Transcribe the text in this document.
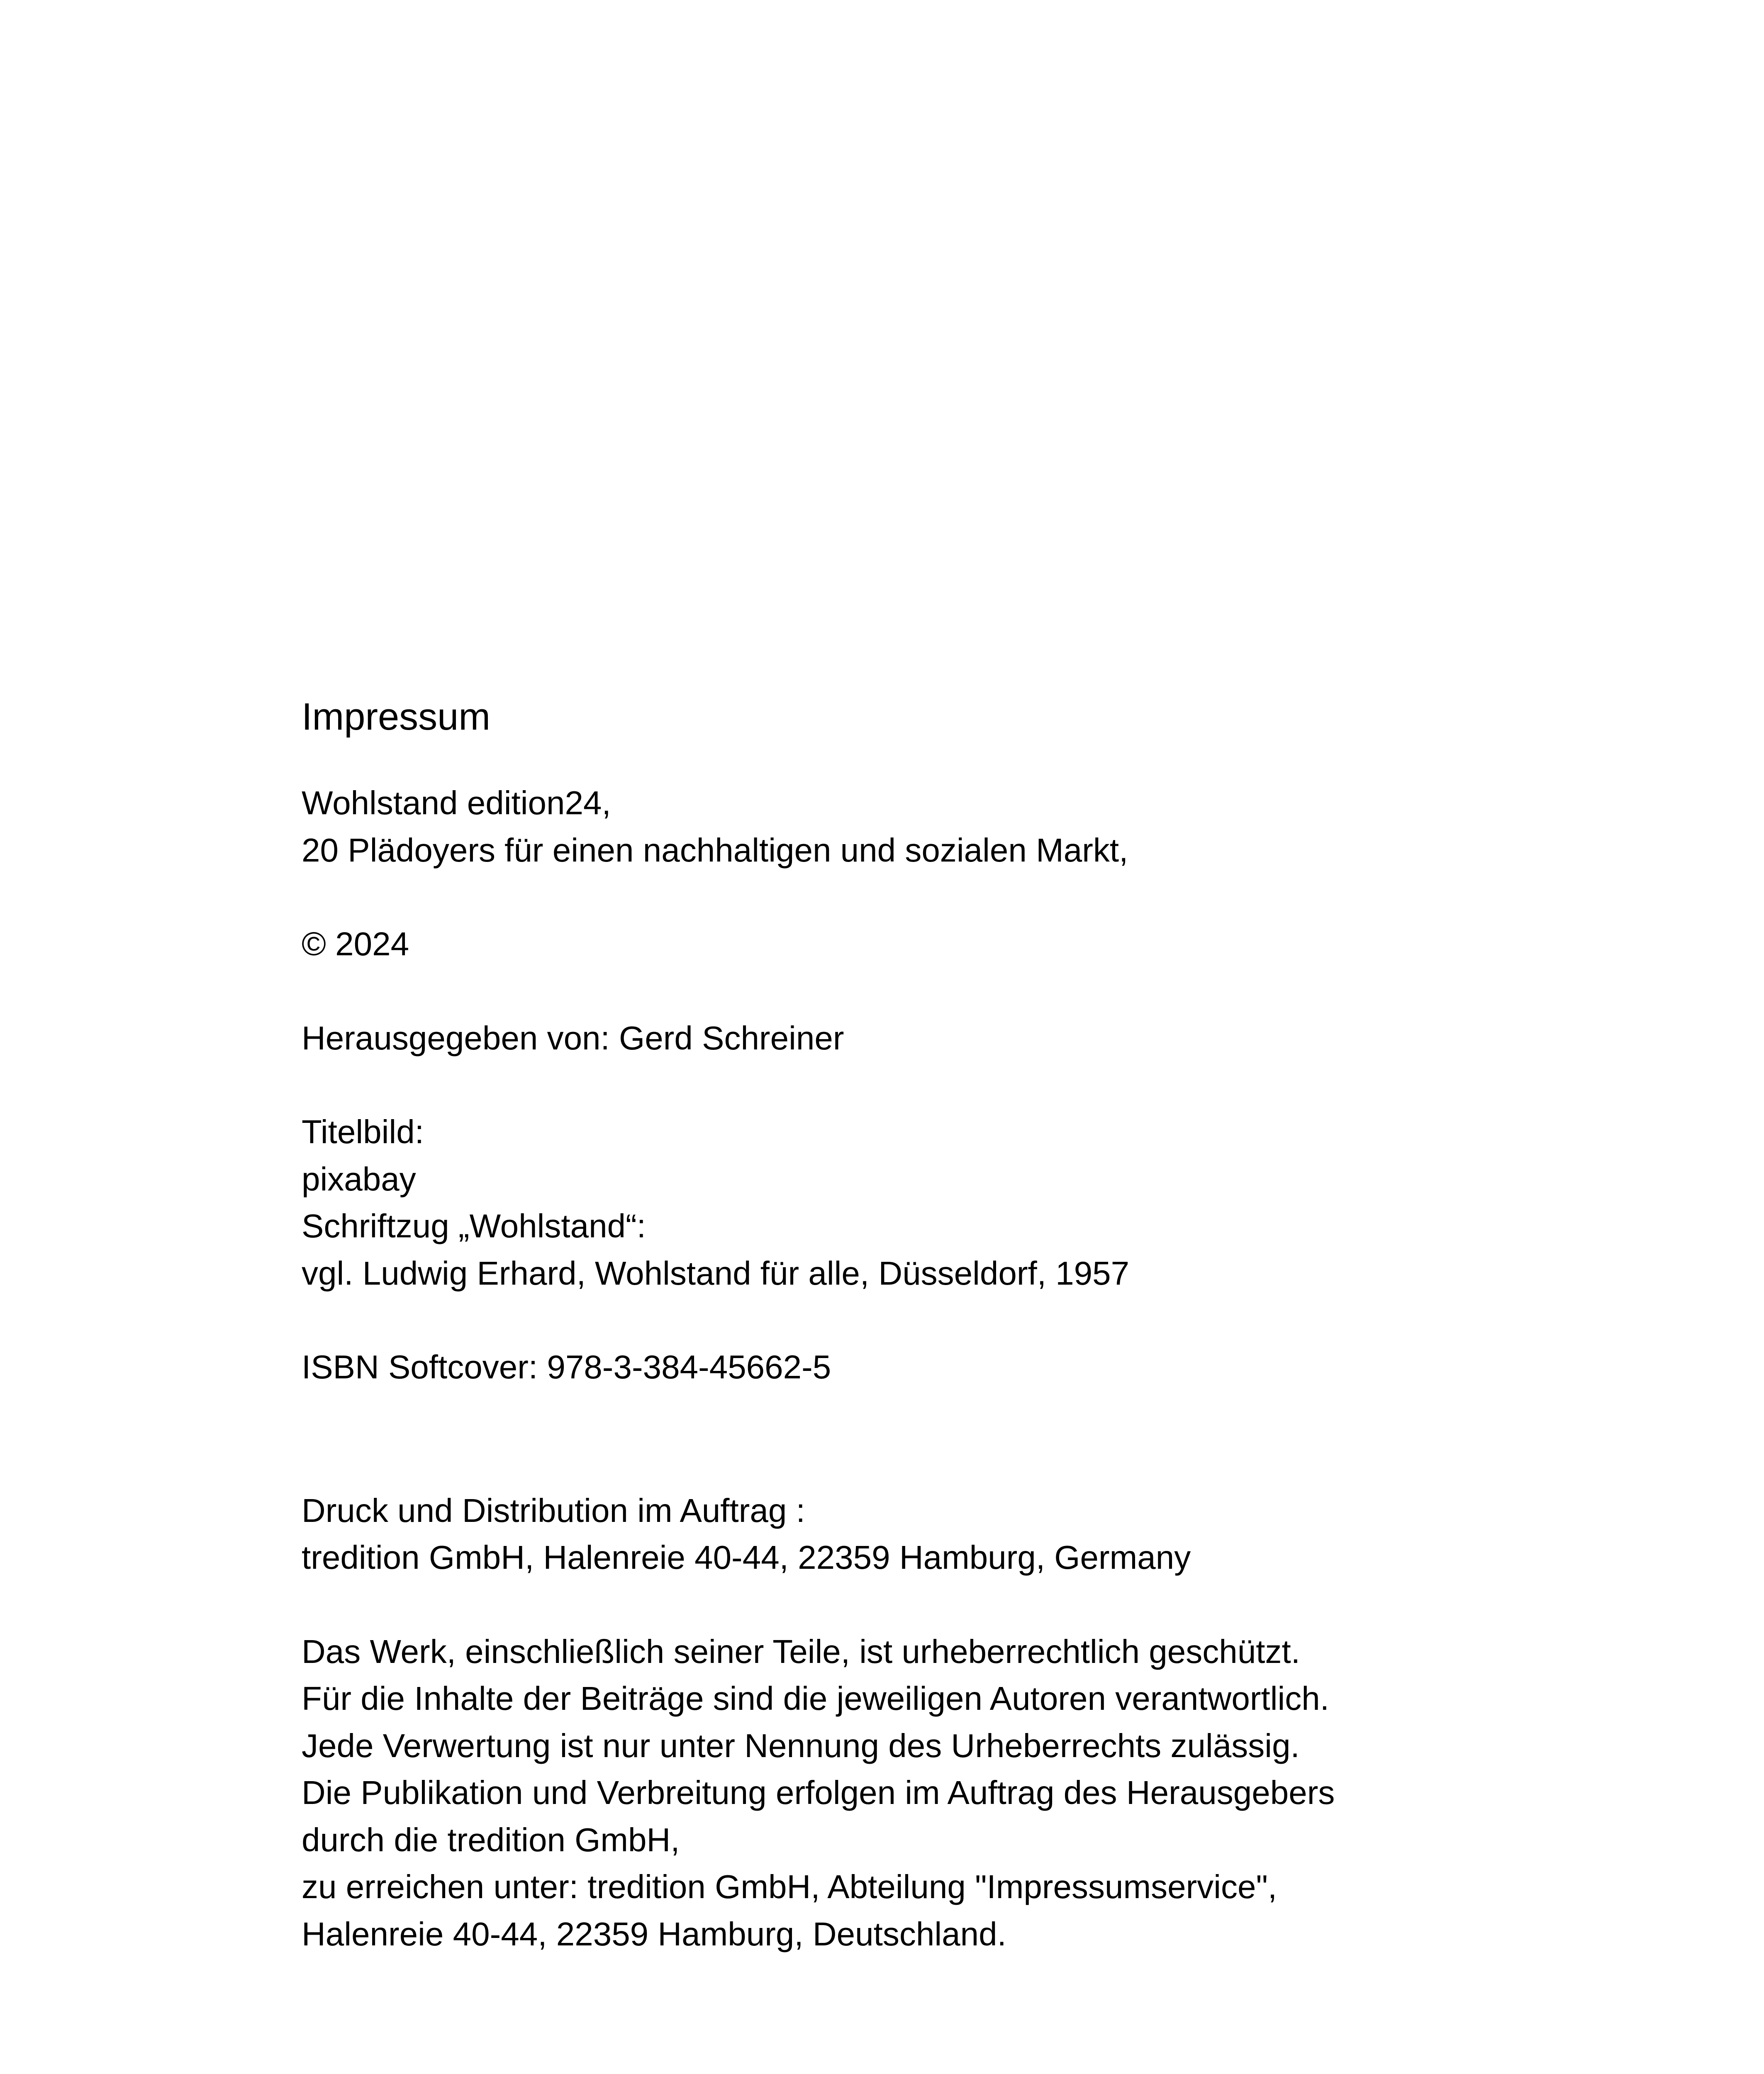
Impressum
Wohlstand edition24,
20 Plädoyers für einen nachhaltigen und sozialen Markt,
© 2024
Herausgegeben von: Gerd Schreiner
Titelbild:
pixabay
Schriftzug „Wohlstand“:
vgl. Ludwig Erhard, Wohlstand für alle, Düsseldorf, 1957
ISBN Softcover: 978-3-384-45662-5
Druck und Distribution im Auftrag :
tredition GmbH, Halenreie 40-44, 22359 Hamburg, Germany
Das Werk, einschließlich seiner Teile, ist urheberrechtlich geschützt.
Für die Inhalte der Beiträge sind die jeweiligen Autoren verantwortlich.
Jede Verwertung ist nur unter Nennung des Urheberrechts zulässig.
Die Publikation und Verbreitung erfolgen im Auftrag des Herausgebers
durch die tredition GmbH,
zu erreichen unter: tredition GmbH, Abteilung "Impressumservice",
Halenreie 40-44, 22359 Hamburg, Deutschland.
